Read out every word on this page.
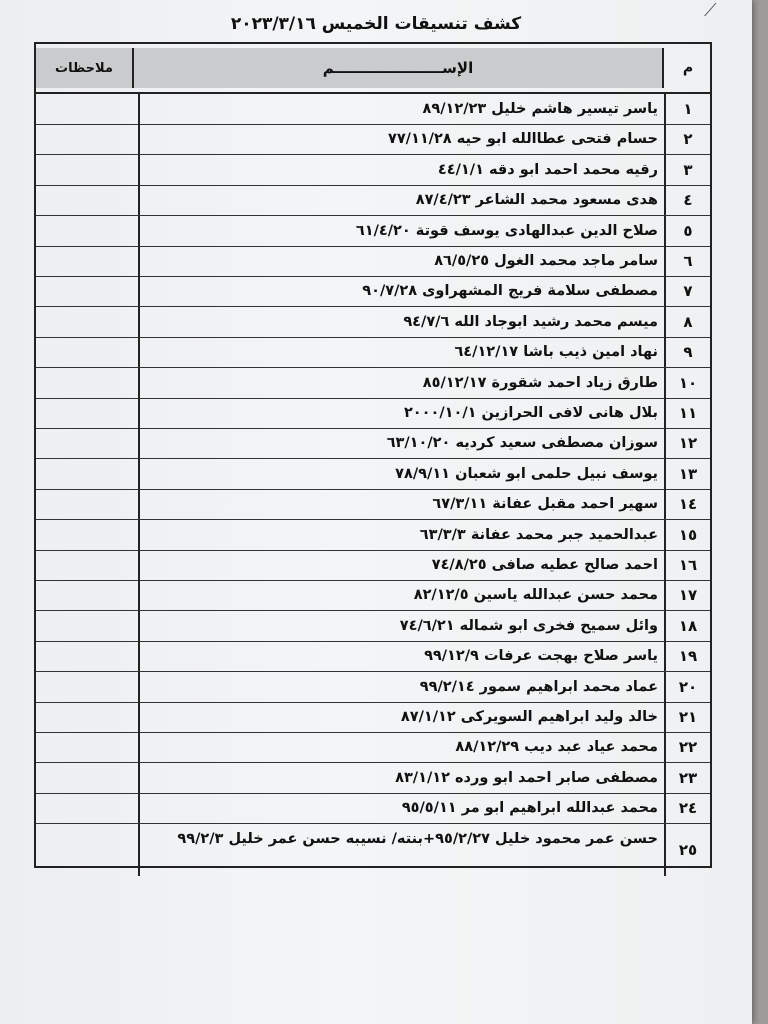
⟋
كشف تنسيقات الخميس ٢٠٢٣/٣/١٦
م
الإســـــــــــــــــــــم
ملاحظات
١
ياسر تيسير هاشم خليل ٨٩/١٢/٢٣
٢
حسام فتحى عطاالله ابو حيه ٧٧/١١/٢٨
٣
رقيه محمد احمد ابو دقه ٤٤/١/١
٤
هدى مسعود محمد الشاعر ٨٧/٤/٢٣
٥
صلاح الدين عبدالهادى يوسف قوتة ٦١/٤/٢٠
٦
سامر ماجد محمد الغول ٨٦/٥/٢٥
٧
مصطفى سلامة فريج المشهراوى ٩٠/٧/٢٨
٨
ميسم محمد رشيد ابوجاد الله ٩٤/٧/٦
٩
نهاد امين ذيب باشا ٦٤/١٢/١٧
١٠
طارق زياد احمد شقورة ٨٥/١٢/١٧
١١
بلال هانى لافى الحرازين ٢٠٠٠/١٠/١
١٢
سوزان مصطفى سعيد كرديه ٦٣/١٠/٢٠
١٣
يوسف نبيل حلمى ابو شعبان ٧٨/٩/١١
١٤
سهير احمد مقبل عفانة ٦٧/٣/١١
١٥
عبدالحميد جبر محمد عفانة ٦٣/٣/٣
١٦
احمد صالح عطيه صافى ٧٤/٨/٢٥
١٧
محمد حسن عبدالله ياسين ٨٢/١٢/٥
١٨
وائل سميح فخرى ابو شماله ٧٤/٦/٢١
١٩
ياسر صلاح بهجت عرفات ٩٩/١٢/٩
٢٠
عماد محمد ابراهيم سمور ٩٩/٢/١٤
٢١
خالد وليد ابراهيم السويركى ٨٧/١/١٢
٢٢
محمد عياد عبد ديب ٨٨/١٢/٢٩
٢٣
مصطفى صابر احمد ابو ورده ٨٣/١/١٢
٢٤
محمد عبدالله ابراهيم ابو مر ٩٥/٥/١١
٢٥
حسن عمر محمود خليل ٩٥/٢/٢٧+بنته/ نسيبه حسن عمر خليل ٩٩/٢/٣
